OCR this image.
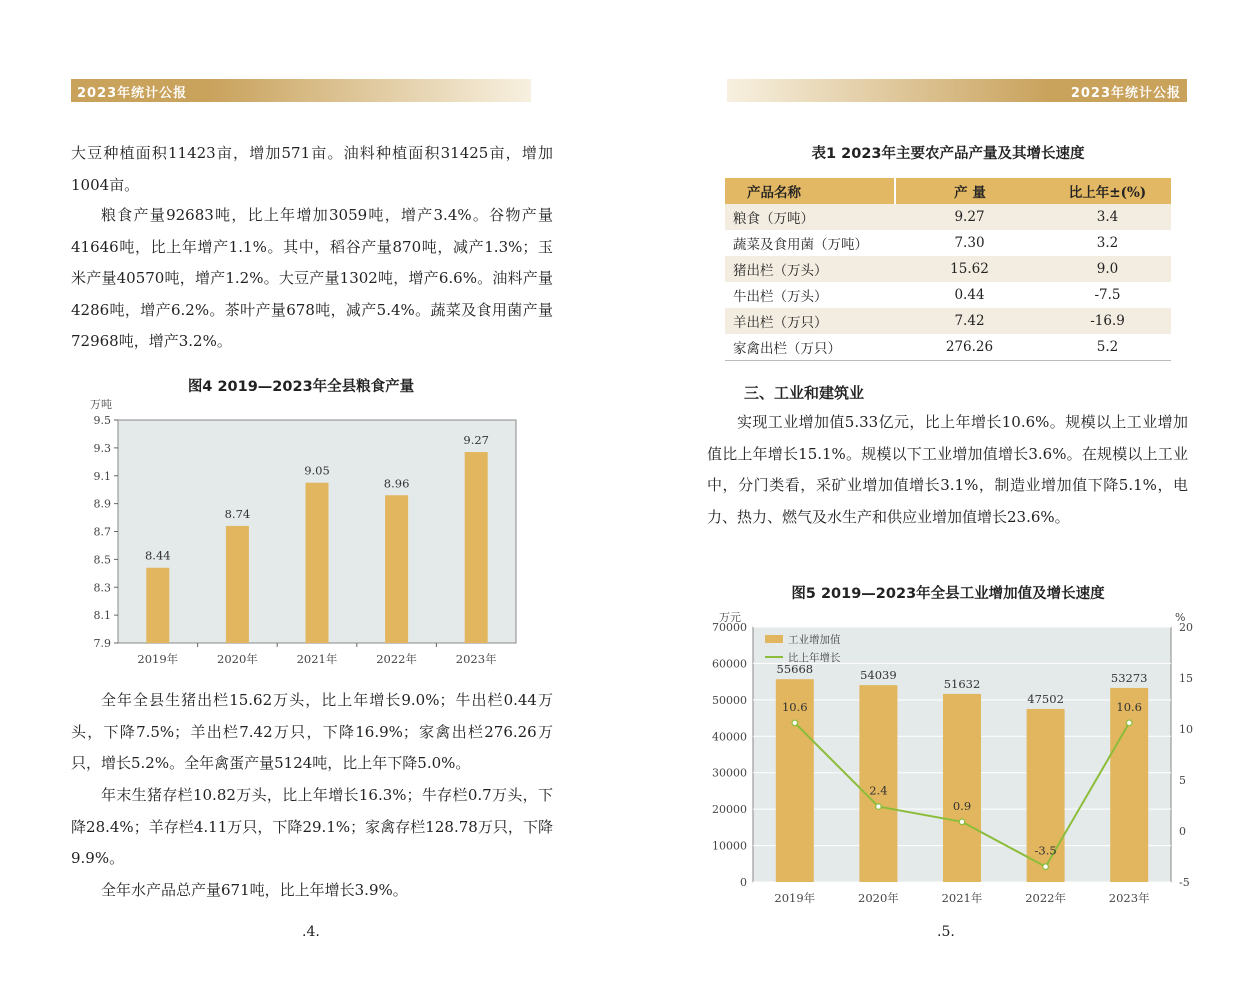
2023年统计公报

大豆种植面积11423亩，增加571亩。油料种植面积31425亩，增加1004亩。

粮食产量92683吨，比上年增加3059吨，增产3.4%。谷物产量41646吨，比上年增产1.1%。其中，稻谷产量870吨，减产1.3%；玉米产量40570吨，增产1.2%。大豆产量1302吨，增产6.6%。油料产量4286吨，增产6.2%。茶叶产量678吨，减产5.4%。蔬菜及食用菌产量72968吨，增产3.2%。

图4 2019—2023年全县粮食产量

万吨
9.5
9.3
9.1
8.9
8.7
8.5
8.3
8.1
7.9
8.44
2019年
8.74
2020年
9.05
2021年
8.96
2022年
9.27
2023年

全年全县生猪出栏15.62万头，比上年增长9.0%；牛出栏0.44万头，下降7.5%；羊出栏7.42万只，下降16.9%；家禽出栏276.26万只，增长5.2%。全年禽蛋产量5124吨，比上年下降5.0%。

年末生猪存栏10.82万头，比上年增长16.3%；牛存栏0.7万头，下降28.4%；羊存栏4.11万只，下降29.1%；家禽存栏128.78万只，下降9.9%。

全年水产品总产量671吨，比上年增长3.9%。

.4.
2023年统计公报

表1 2023年主要农产品产量及其增长速度

产品名称	产 量	比上年±(%)
粮食（万吨）	9.27	3.4
蔬菜及食用菌（万吨）	7.30	3.2
猪出栏（万头）	15.62	9.0
牛出栏（万头）	0.44	-7.5
羊出栏（万只）	7.42	-16.9
家禽出栏（万只）	276.26	5.2

三、工业和建筑业

实现工业增加值5.33亿元，比上年增长10.6%。规模以上工业增加值比上年增长15.1%。规模以下工业增加值增长3.6%。在规模以上工业中，分门类看，采矿业增加值增长3.1%，制造业增加值下降5.1%，电力、热力、燃气及水生产和供应业增加值增长23.6%。

图5 2019—2023年全县工业增加值及增长速度

万元	%
70000
60000
50000
40000
30000
20000
10000
0
20
15
10
5
0
-5
55668
2019年
54039
2020年
51632
2021年
47502
2022年
53273
2023年
10.6
2.4
0.9
-3.5
10.6
工业增加值
比上年增长
.5.
